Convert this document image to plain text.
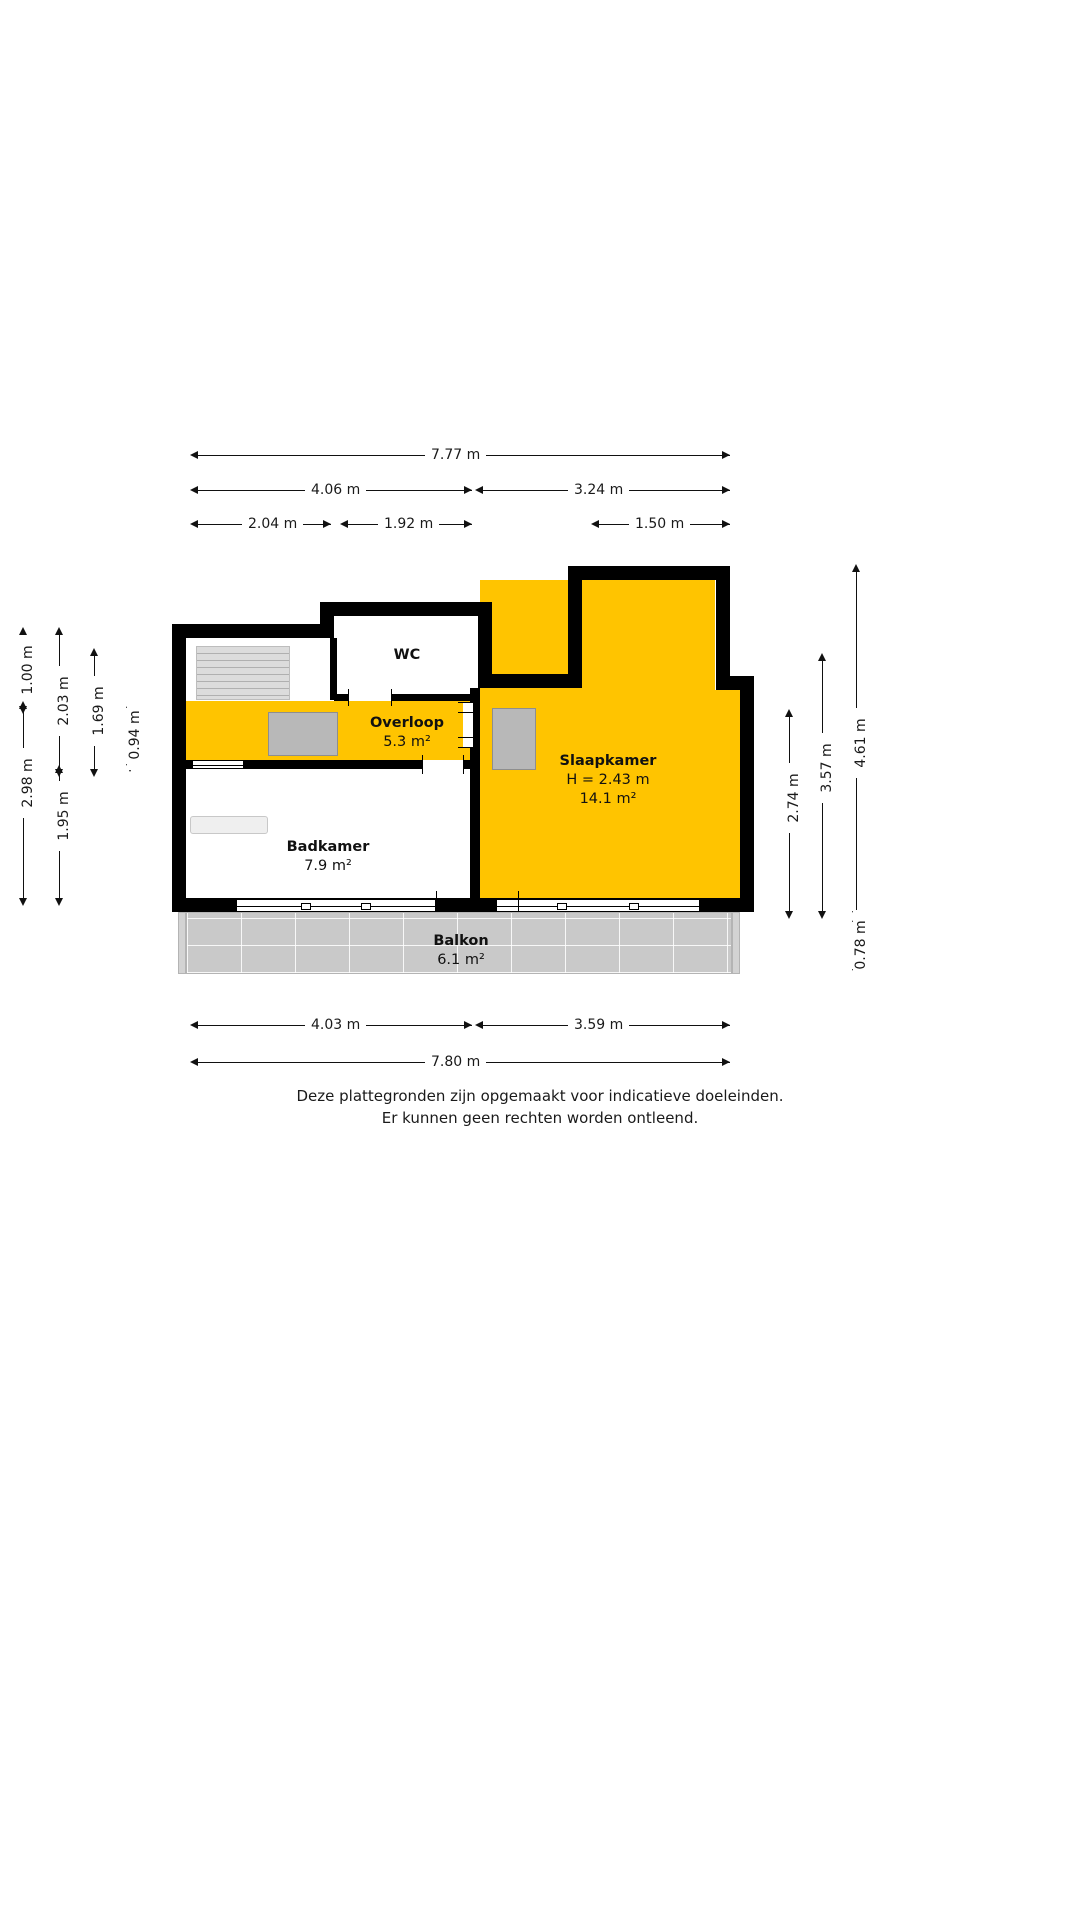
7.77 m
4.06 m	3.24 m
2.04 m	1.92 m	1.50 m
1.00 m
2.03 m 1.69 m 0.94 m
2.98 m
1.95 m
4.61 m
3.57 m
2.74 m
0.78 m
WC
Overloop
5.3 m²
Badkamer
7.9 m²
Slaapkamer
H = 2.43 m
14.1 m²
Balkon
6.1 m²
4.03 m	3.59 m
7.80 m
Deze plattegronden zijn opgemaakt voor indicatieve doeleinden.
Er kunnen geen rechten worden ontleend.
